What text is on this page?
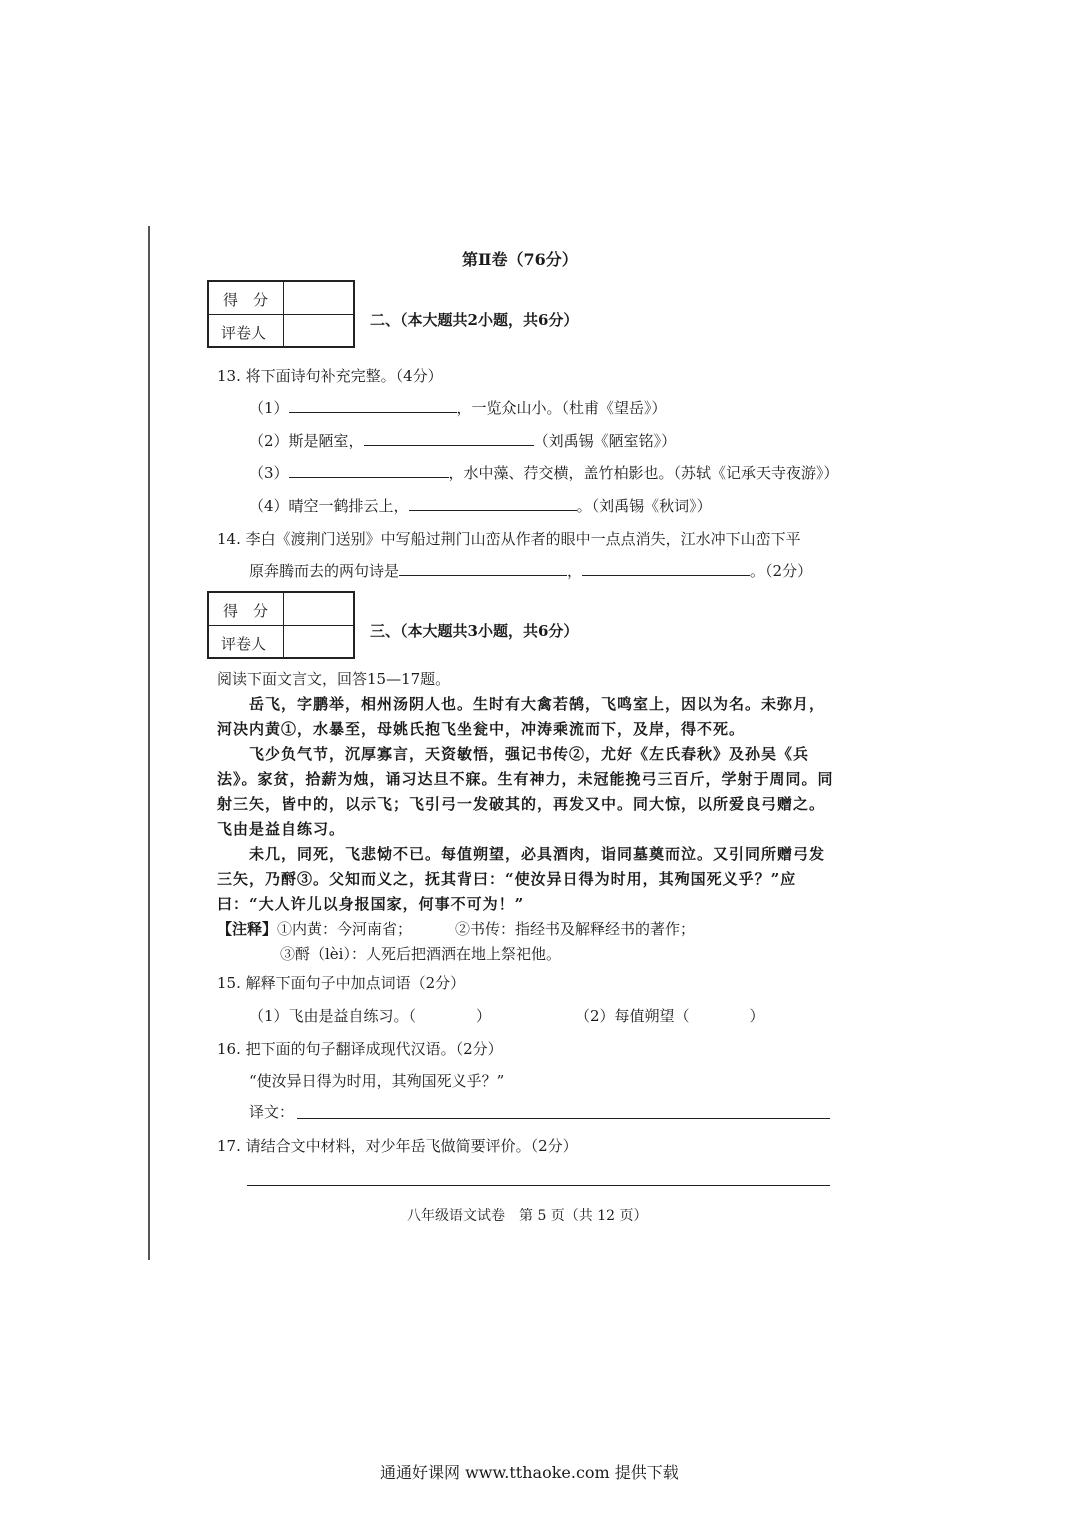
第Ⅱ卷（76分）
得　分
评卷人
二、（本大题共2小题，共6分）
13. 将下面诗句补充完整。（4分）
（1）	，一览众山小。（杜甫《望岳》）
（2）斯是陋室，	（刘禹锡《陋室铭》）
（3）	，水中藻、荇交横，盖竹柏影也。（苏轼《记承天寺夜游》）
（4）晴空一鹤排云上，	。（刘禹锡《秋词》）
14. 李白《渡荆门送别》中写船过荆门山峦从作者的眼中一点点消失，江水冲下山峦下平
原奔腾而去的两句诗是	，	。（2分）
得　分
评卷人
三、（本大题共3小题，共6分）
阅读下面文言文，回答15—17题。
岳飞，字鹏举，相州汤阴人也。生时有大禽若鹄，飞鸣室上，因以为名。未弥月，河决内黄①，水暴至，母姚氏抱飞坐瓮中，冲涛乘流而下，及岸，得不死。
飞少负气节，沉厚寡言，天资敏悟，强记书传②，尤好《左氏春秋》及孙吴《兵法》。家贫，拾薪为烛，诵习达旦不寐。生有神力，未冠能挽弓三百斤，学射于周同。同射三矢，皆中的，以示飞；飞引弓一发破其的，再发又中。同大惊，以所爱良弓赠之。飞由是益自练习。
未几，同死，飞悲恸不已。每值朔望，必具酒肉，诣同墓奠而泣。又引同所赠弓发三矢，乃酹③。父知而义之，抚其背曰：“使汝异日得为时用，其殉国死义乎？”应曰：“大人许儿以身报国家，何事不可为！”
【注释】①内黄：今河南省；	②书传：指经书及解释经书的著作；
③酹（lèi）：人死后把酒洒在地上祭祀他。
15. 解释下面句子中加点词语（2分）
（1）飞由是益自练习。（　　　　）	（2）每值朔望（　　　　）
16. 把下面的句子翻译成现代汉语。（2分）
“使汝异日得为时用，其殉国死义乎？”
译文：
17. 请结合文中材料，对少年岳飞做简要评价。（2分）
八年级语文试卷　第 5 页（共 12 页）
通通好课网 www.tthaoke.com 提供下载
